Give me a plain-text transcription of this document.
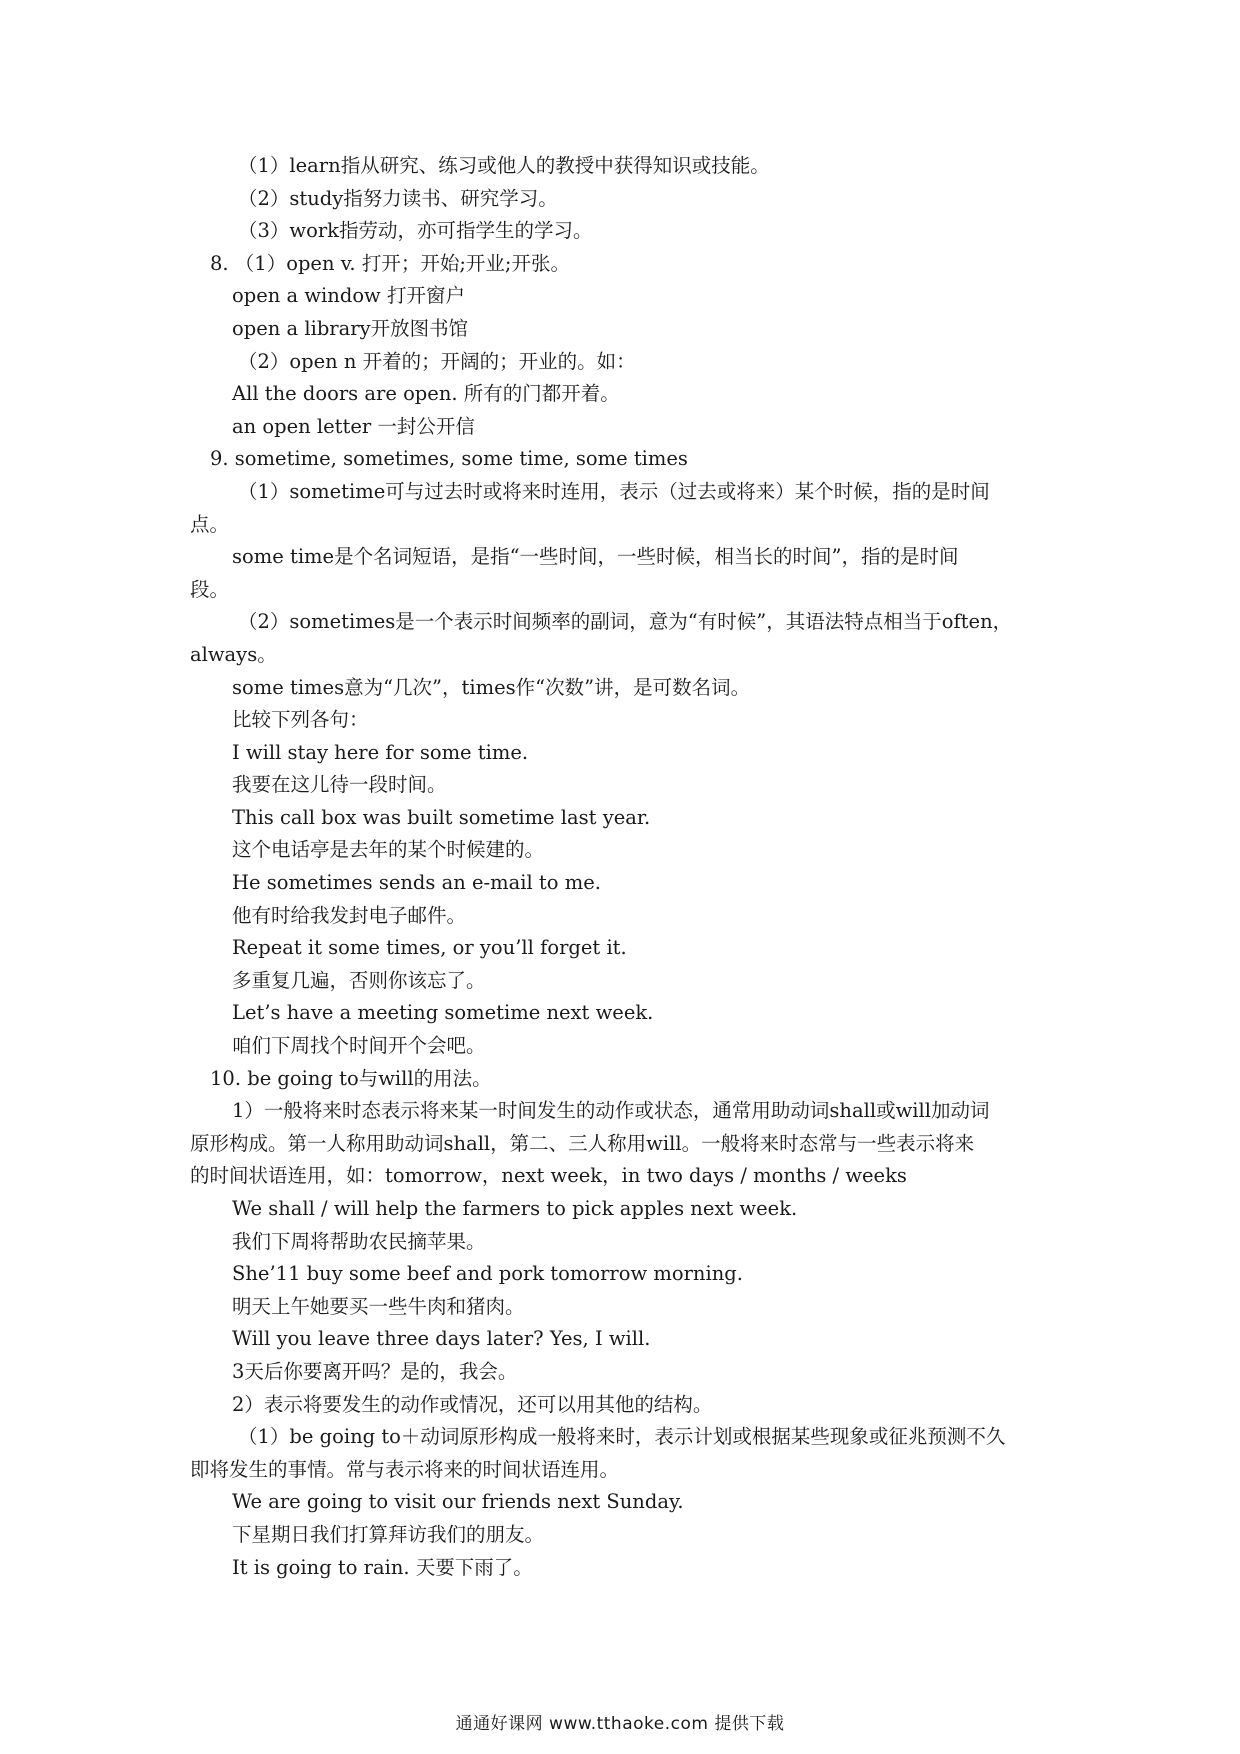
（1）learn指从研究、练习或他人的教授中获得知识或技能。
（2）study指努力读书、研究学习。
（3）work指劳动，亦可指学生的学习。
8. （1）open v. 打开；开始;开业;开张。
open a window 打开窗户
open a library开放图书馆
（2）open n 开着的；开阔的；开业的。如：
All the doors are open. 所有的门都开着。
an open letter 一封公开信
9. sometime, sometimes, some time, some times
（1）sometime可与过去时或将来时连用，表示（过去或将来）某个时候，指的是时间
点。
some time是个名词短语，是指“一些时间，一些时候，相当长的时间”，指的是时间
段。
（2）sometimes是一个表示时间频率的副词，意为“有时候”，其语法特点相当于often，
always。
some times意为“几次”，times作“次数”讲，是可数名词。
比较下列各句：
I will stay here for some time.
我要在这儿待一段时间。
This call box was built sometime last year.
这个电话亭是去年的某个时候建的。
He sometimes sends an e-mail to me.
他有时给我发封电子邮件。
Repeat it some times, or you’ll forget it.
多重复几遍，否则你该忘了。
Let’s have a meeting sometime next week.
咱们下周找个时间开个会吧。
10. be going to与will的用法。
1）一般将来时态表示将来某一时间发生的动作或状态，通常用助动词shall或will加动词
原形构成。第一人称用助动词shall，第二、三人称用will。一般将来时态常与一些表示将来
的时间状语连用，如：tomorrow，next week，in two days / months / weeks
We shall / will help the farmers to pick apples next week.
我们下周将帮助农民摘苹果。
She’11 buy some beef and pork tomorrow morning.
明天上午她要买一些牛肉和猪肉。
Will you leave three days later? Yes, I will.
3天后你要离开吗？是的，我会。
2）表示将要发生的动作或情况，还可以用其他的结构。
（1）be going to＋动词原形构成一般将来时，表示计划或根据某些现象或征兆预测不久
即将发生的事情。常与表示将来的时间状语连用。
We are going to visit our friends next Sunday.
下星期日我们打算拜访我们的朋友。
It is going to rain. 天要下雨了。
通通好课网 www.tthaoke.com 提供下载
